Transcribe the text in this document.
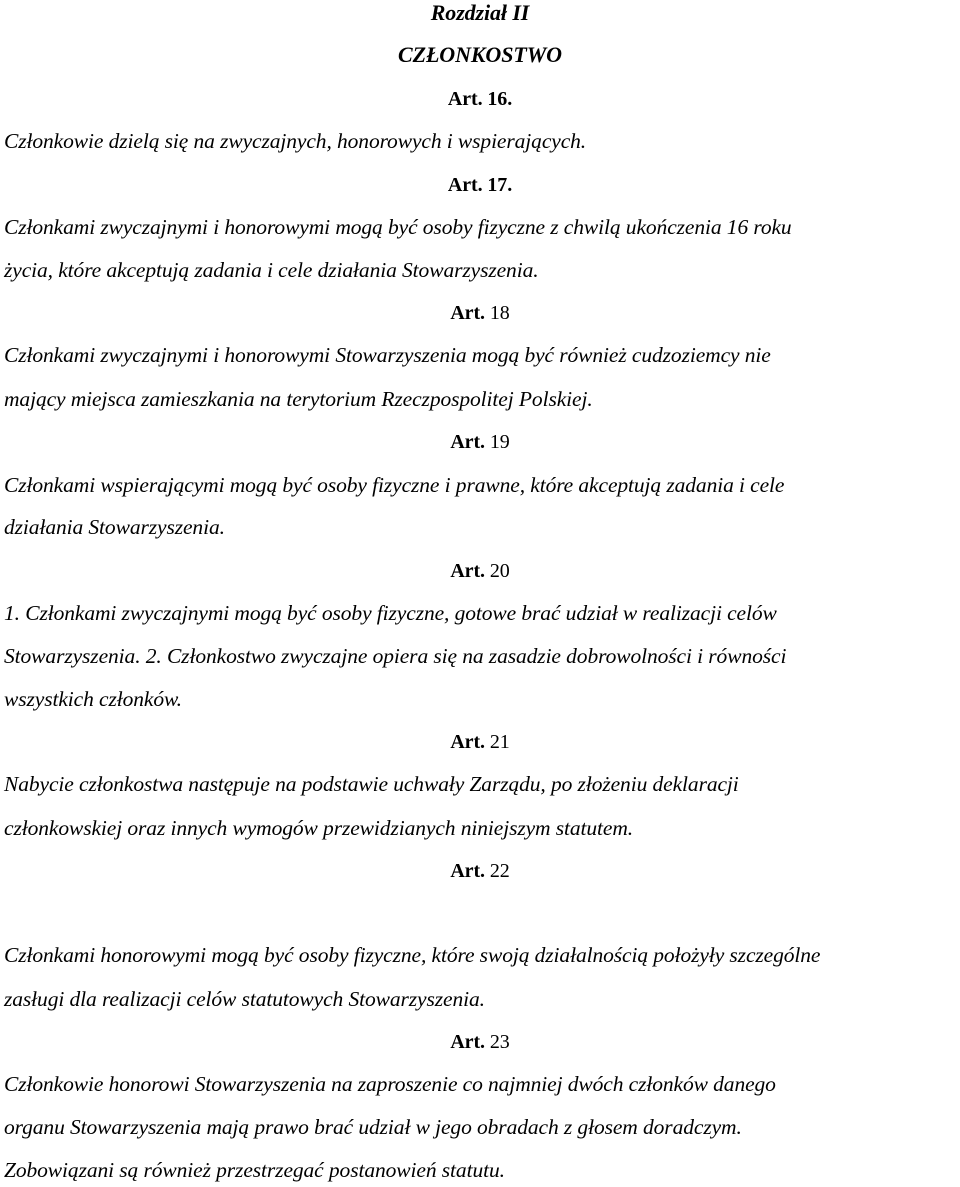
Rozdział II
CZŁONKOSTWO
Art. 16.
Członkowie dzielą się na zwyczajnych, honorowych i wspierających.
Art. 17.
Członkami zwyczajnymi i honorowymi mogą być osoby fizyczne z chwilą ukończenia 16 roku
życia, które akceptują zadania i cele działania Stowarzyszenia.
Art. 18
Członkami zwyczajnymi i honorowymi Stowarzyszenia mogą być również cudzoziemcy nie
mający miejsca zamieszkania na terytorium Rzeczpospolitej Polskiej.
Art. 19
Członkami wspierającymi mogą być osoby fizyczne i prawne, które akceptują zadania i cele
działania Stowarzyszenia.
Art. 20
1. Członkami zwyczajnymi mogą być osoby fizyczne, gotowe brać udział w realizacji celów
Stowarzyszenia. 2. Członkostwo zwyczajne opiera się na zasadzie dobrowolności i równości
wszystkich członków.
Art. 21
Nabycie członkostwa następuje na podstawie uchwały Zarządu, po złożeniu deklaracji
członkowskiej oraz innych wymogów przewidzianych niniejszym statutem.
Art. 22
Członkami honorowymi mogą być osoby fizyczne, które swoją działalnością położyły szczególne
zasługi dla realizacji celów statutowych Stowarzyszenia.
Art. 23
Członkowie honorowi Stowarzyszenia na zaproszenie co najmniej dwóch członków danego
organu Stowarzyszenia mają prawo brać udział w jego obradach z głosem doradczym.
Zobowiązani są również przestrzegać postanowień statutu.
